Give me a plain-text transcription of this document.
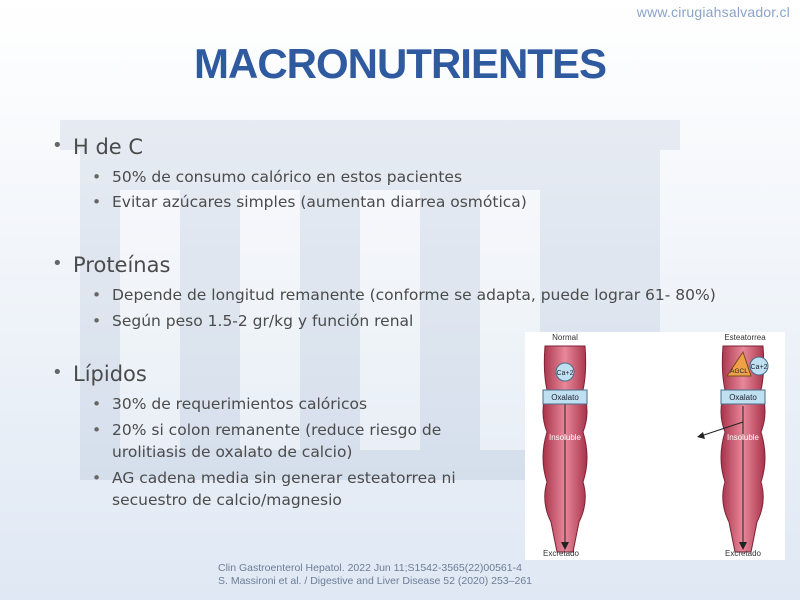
www.cirugiahsalvador.cl
MACRONUTRIENTES

• H de C

• 50% de consumo calórico en estos pacientes

• Evitar azúcares simples (aumentan diarrea osmótica)

• Proteínas

• Depende de longitud remanente (conforme se adapta, puede lograr 61- 80%)

• Según peso 1.5-2 gr/kg y función renal

• Lípidos

• 30% de requerimientos calóricos

• 20% si colon remanente (reduce riesgo de urolitiasis de oxalato de calcio)

• AG cadena media sin generar esteatorrea ni secuestro de calcio/magnesio

Ca+2
Oxalato
Insoluble
Normal
Excretado
AGCL
Ca+2
Oxalato
Insoluble
Esteatorrea
Excretado
Clin Gastroenterol Hepatol. 2022 Jun 11;S1542-3565(22)00561-4
S. Massironi et al. / Digestive and Liver Disease 52 (2020) 253–261
